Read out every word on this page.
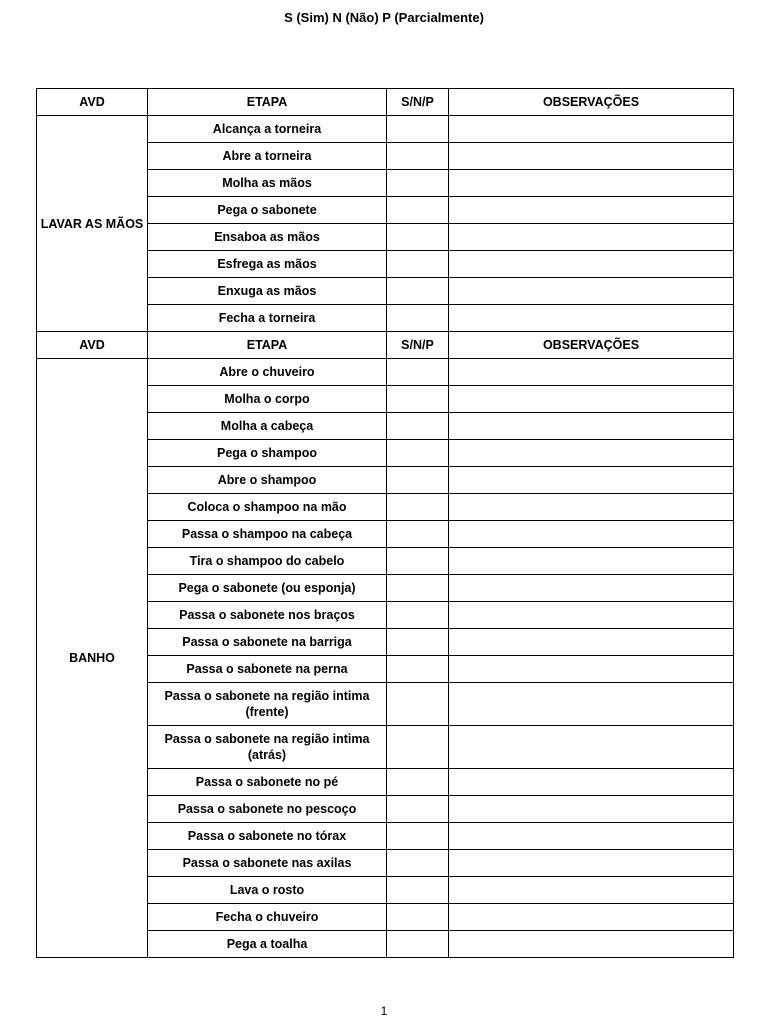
S (Sim) N (Não) P (Parcialmente)
AVD	ETAPA	S/N/P	OBSERVAÇÕES
LAVAR AS MÃOS	Alcança a torneira		
	Abre a torneira		
	Molha as mãos		
	Pega o sabonete		
	Ensaboa as mãos		
	Esfrega as mãos		
	Enxuga as mãos		
	Fecha a torneira		
AVD	ETAPA	S/N/P	OBSERVAÇÕES
BANHO	Abre o chuveiro		
	Molha o corpo		
	Molha a cabeça		
	Pega o shampoo		
	Abre o shampoo		
	Coloca o shampoo na mão		
	Passa o shampoo na cabeça		
	Tira o shampoo do cabelo		
	Pega o sabonete (ou esponja)		
	Passa o sabonete nos braços		
	Passa o sabonete na barriga		
	Passa o sabonete na perna		
	Passa o sabonete na região intima (frente)		
	Passa o sabonete na região intima (atrás)		
	Passa o sabonete no pé		
	Passa o sabonete no pescoço		
	Passa o sabonete no tórax		
	Passa o sabonete nas axilas		
	Lava o rosto		
	Fecha o chuveiro		
	Pega a toalha		
1
